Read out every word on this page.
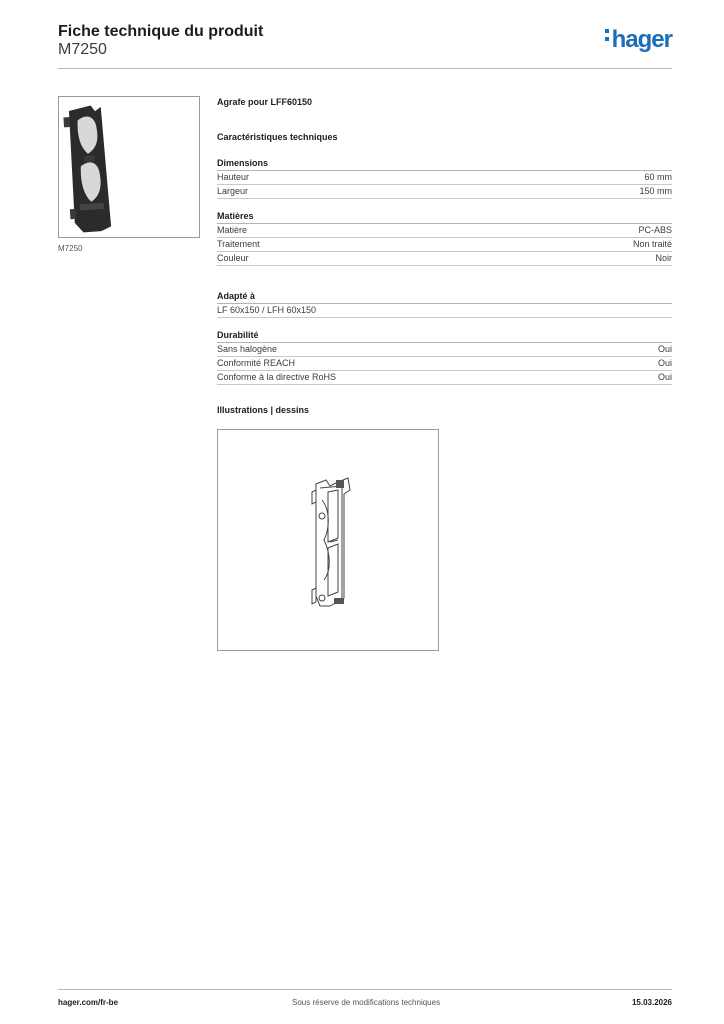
Fiche technique du produit
M7250	hager
M7250
Agrafe pour LFF60150
Caractéristiques techniques
Dimensions
Hauteur	60 mm
Largeur	150 mm
Matières
Matière	PC-ABS
Traitement	Non traité
Couleur	Noir
Adapté à
LF 60x150 / LFH 60x150
Durabilité
Sans halogène	Oui
Conformité REACH	Oui
Conforme à la directive RoHS	Oui
Illustrations | dessins
hager.com/fr-be	Sous réserve de modifications techniques	15.03.2026
